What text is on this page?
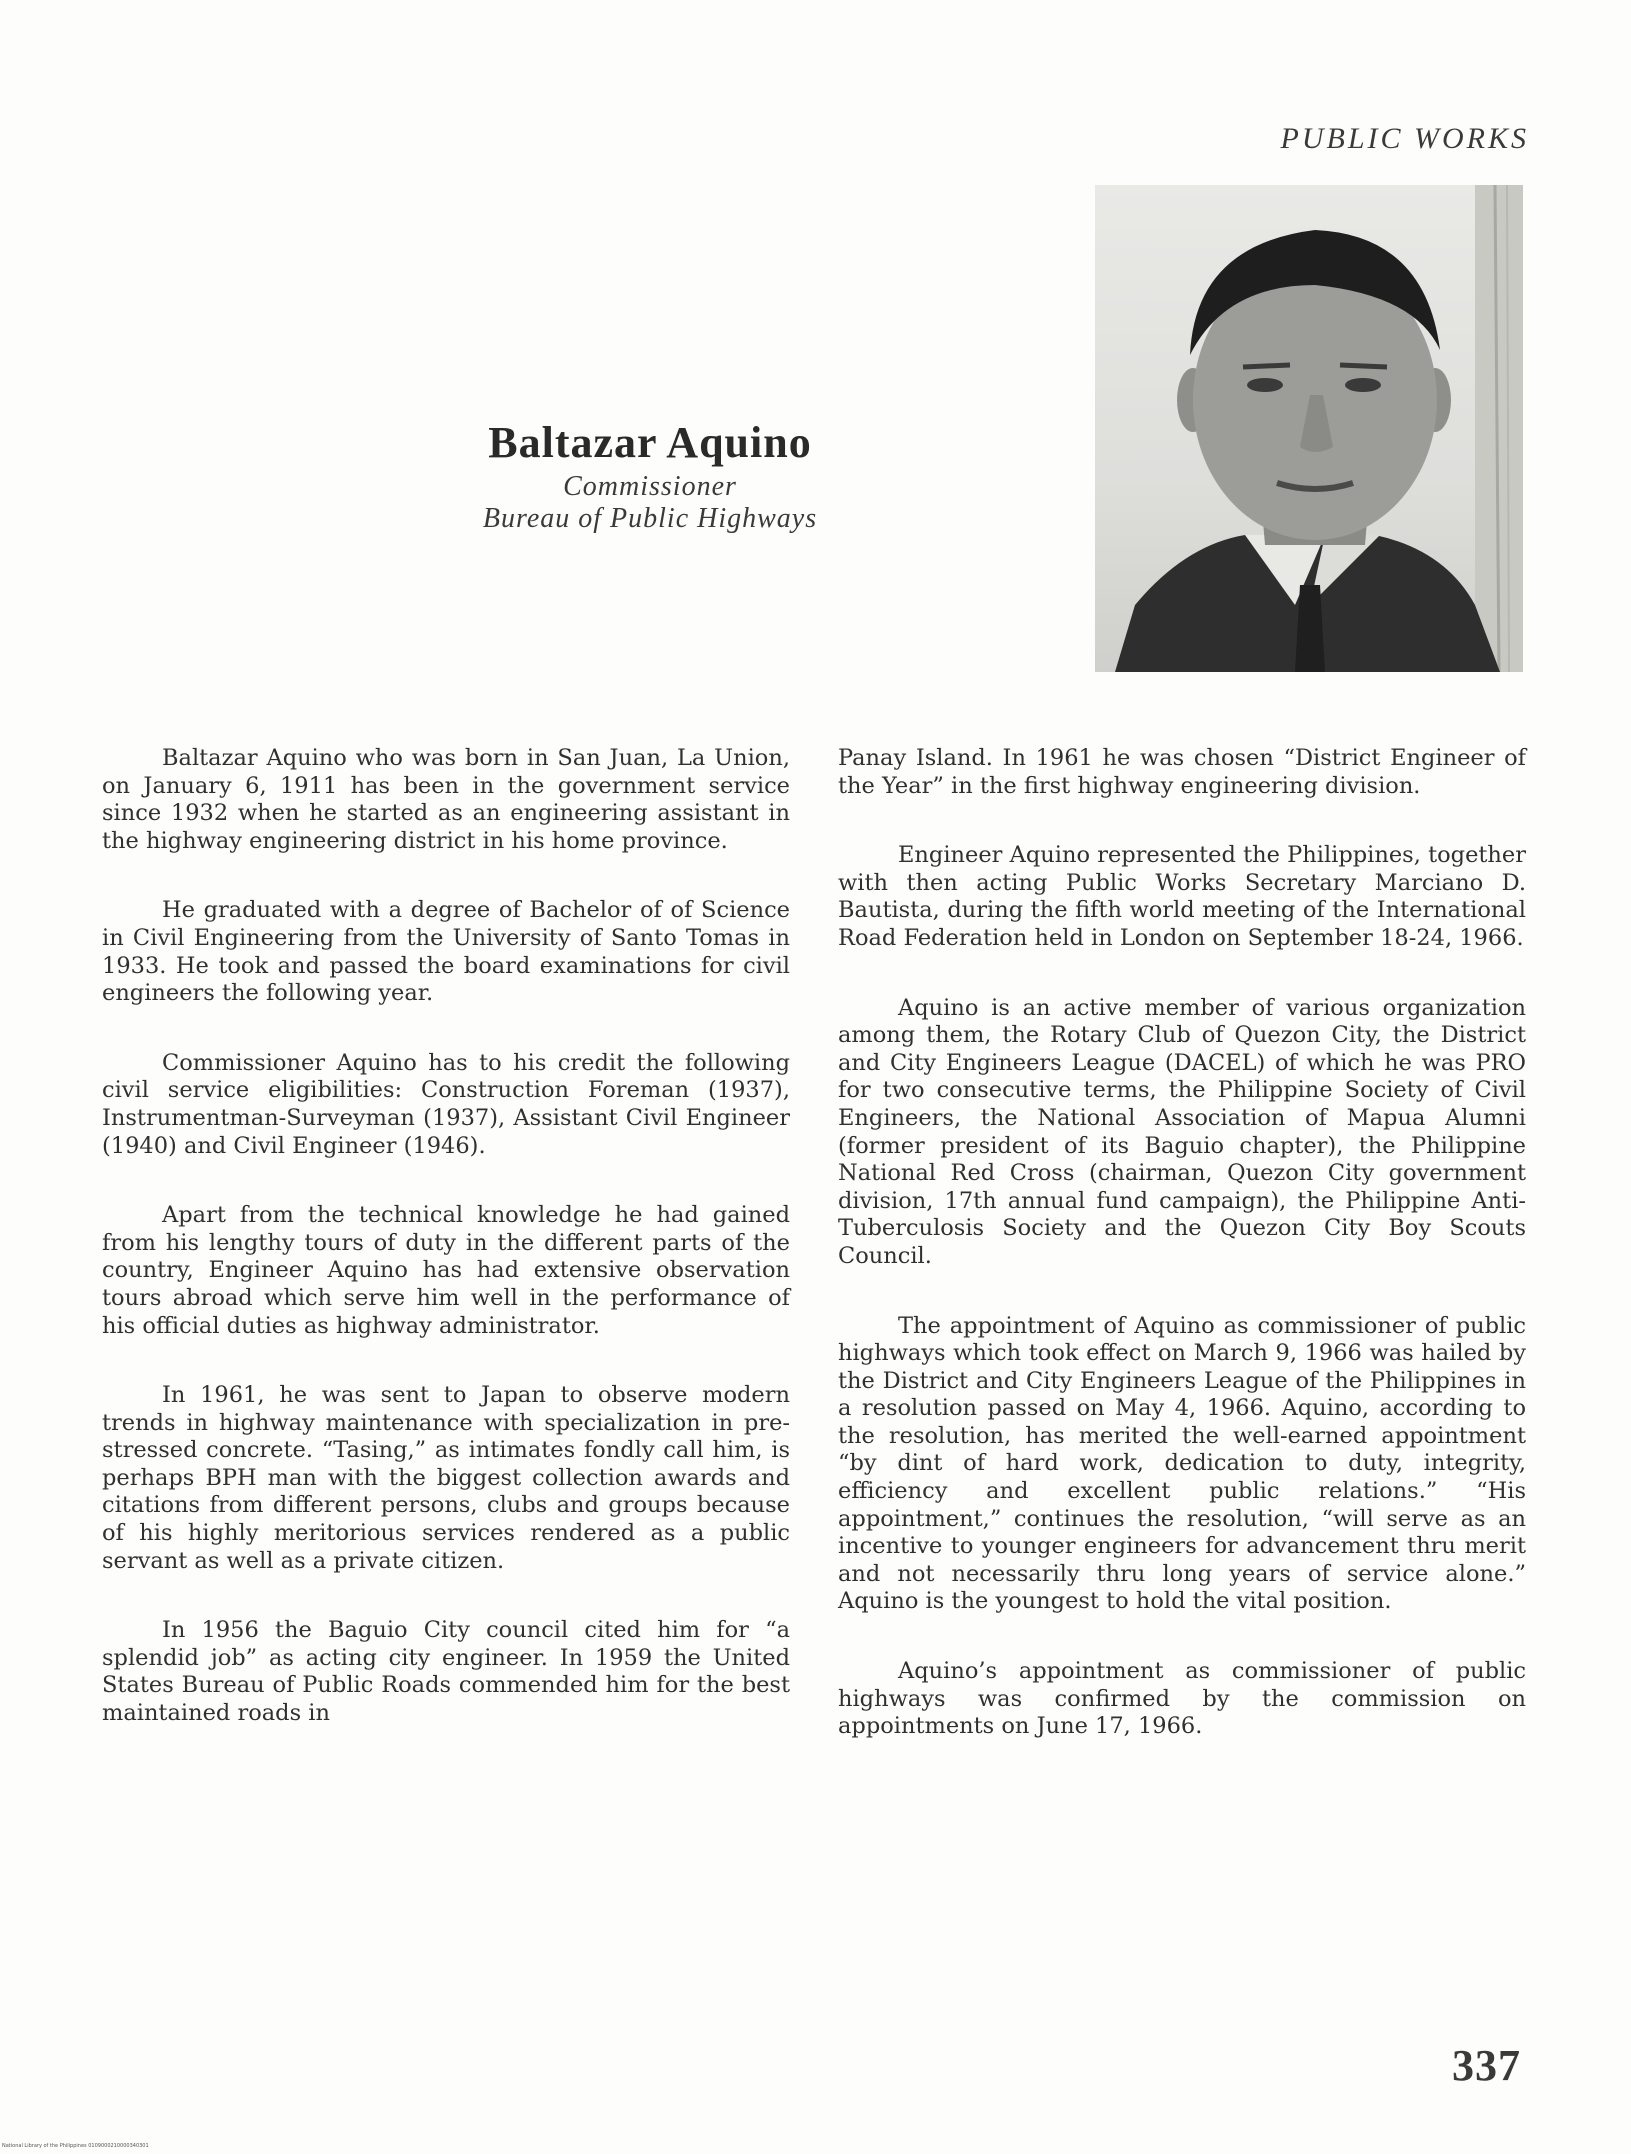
PUBLIC WORKS
Baltazar Aquino
Commissioner
Bureau of Public Highways

Baltazar Aquino who was born in San Juan, La Union, on January 6, 1911 has been in the government service since 1932 when he started as an engineering assistant in the highway engineering district in his home province.

He graduated with a degree of Bachelor of of Science in Civil Engineering from the University of Santo Tomas in 1933. He took and passed the board examinations for civil engineers the following year.

Commissioner Aquino has to his credit the following civil service eligibilities: Construction Foreman (1937), Instrumentman-Surveyman (1937), Assistant Civil Engineer (1940) and Civil Engineer (1946).

Apart from the technical knowledge he had gained from his lengthy tours of duty in the different parts of the country, Engineer Aquino has had extensive observation tours abroad which serve him well in the performance of his official duties as highway administrator.

In 1961, he was sent to Japan to observe modern trends in highway maintenance with specialization in pre-stressed concrete. “Tasing,” as intimates fondly call him, is perhaps BPH man with the biggest collection awards and citations from different persons, clubs and groups because of his highly meritorious services rendered as a public servant as well as a private citizen.

In 1956 the Baguio City council cited him for “a splendid job” as acting city engineer. In 1959 the United States Bureau of Public Roads commended him for the best maintained roads in

Panay Island. In 1961 he was chosen “District Engineer of the Year” in the first highway engineering division.

Engineer Aquino represented the Philippines, together with then acting Public Works Secretary Marciano D. Bautista, during the fifth world meeting of the International Road Federation held in London on September 18-24, 1966.

Aquino is an active member of various organization among them, the Rotary Club of Quezon City, the District and City Engineers League (DACEL) of which he was PRO for two consecutive terms, the Philippine Society of Civil Engineers, the National Association of Mapua Alumni (former president of its Baguio chapter), the Philippine National Red Cross (chairman, Quezon City government division, 17th annual fund campaign), the Philippine Anti-Tuberculosis Society and the Quezon City Boy Scouts Council.

The appointment of Aquino as commissioner of public highways which took effect on March 9, 1966 was hailed by the District and City Engineers League of the Philippines in a resolution passed on May 4, 1966. Aquino, according to the resolution, has merited the well-earned appointment “by dint of hard work, dedication to duty, integrity, efficiency and excellent public relations.” “His appointment,” continues the resolution, “will serve as an incentive to younger engineers for advancement thru merit and not necessarily thru long years of service alone.” Aquino is the youngest to hold the vital position.

Aquino’s appointment as commissioner of public highways was confirmed by the commission on appointments on June 17, 1966.

337
National Library of the Philippines 0109000210000340301
